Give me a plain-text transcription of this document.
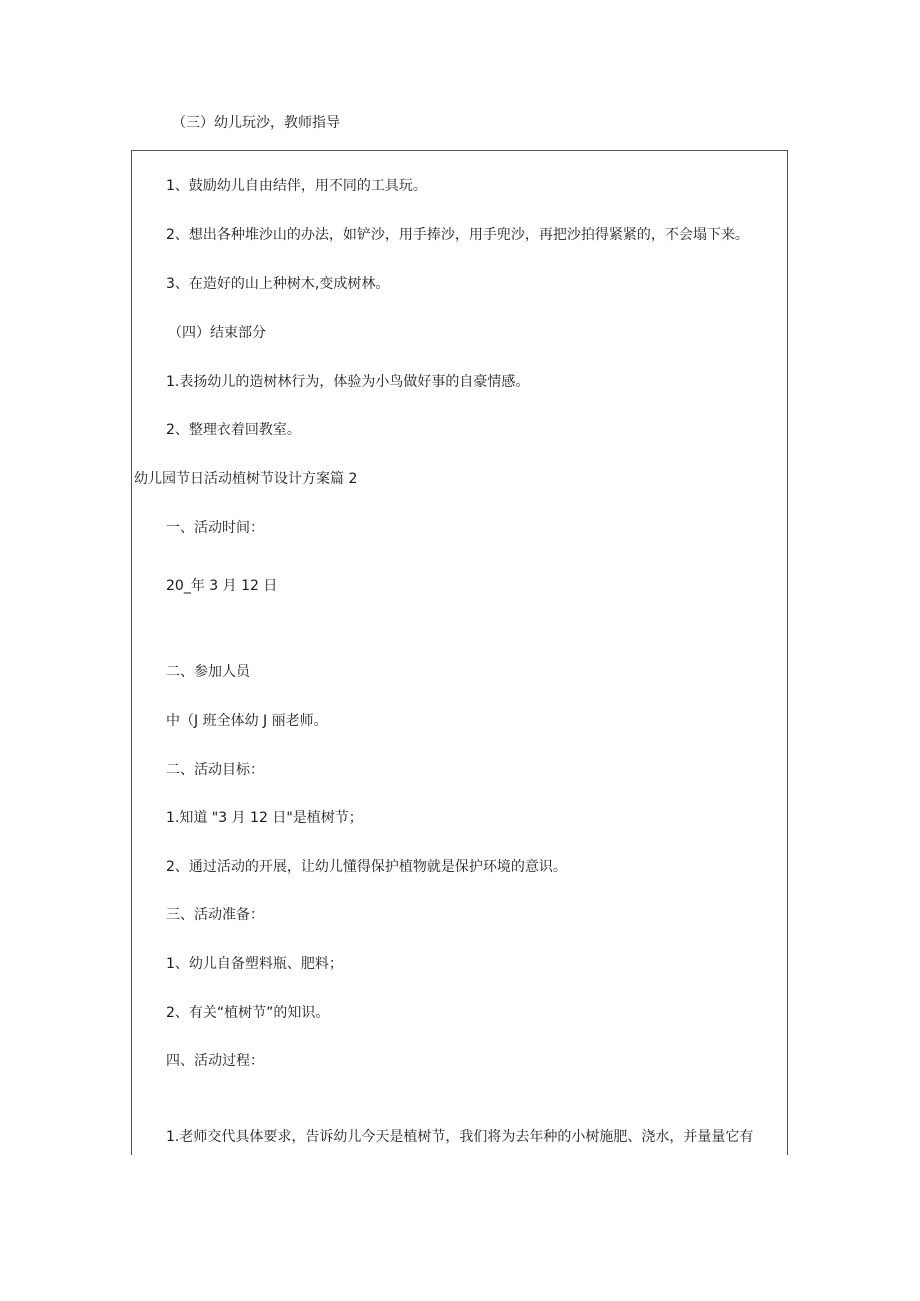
（三）幼儿玩沙，教师指导
1、鼓励幼儿自由结伴，用不同的工具玩。
2、想出各种堆沙山的办法，如铲沙，用手捧沙，用手兜沙，再把沙拍得紧紧的，不会塌下来。
3、在造好的山上种树木,变成树林。
（四）结束部分
1.表扬幼儿的造树林行为，体验为小鸟做好事的自豪情感。
2、整理衣着回教室。
幼儿园节日活动植树节设计方案篇 2
一、活动时间：
20_年 3 月 12 日
二、参加人员
中（J 班全体幼 J 丽老师。
二、活动目标：
1.知道 "3 月 12 日"是植树节；
2、通过活动的开展，让幼儿懂得保护植物就是保护环境的意识。
三、活动准备：
1、幼儿自备塑料瓶、肥料；
2、有关“植树节”的知识。
四、活动过程：
1.老师交代具体要求，告诉幼儿今天是植树节，我们将为去年种的小树施肥、浇水，并量量它有
